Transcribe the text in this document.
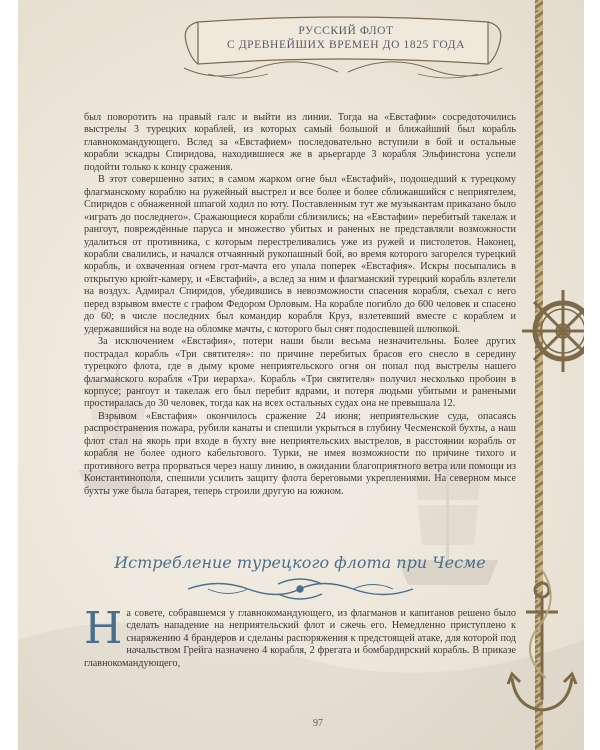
РУССКИЙ ФЛОТ
С ДРЕВНЕЙШИХ ВРЕМЕН ДО 1825 ГОДА

был поворотить на правый галс и выйти из линии. Тогда на «Евстафии» сосредоточились выстрелы 3 турецких кораблей, из которых самый большой и ближайший был корабль главнокомандующего. Вслед за «Евстафием» последовательно вступили в бой и остальные корабли эскадры Спиридова, находившиеся же в арьергарде 3 корабля Эльфинстона успели подойти только к концу сражения.

В этот совершенно затих; в самом жарком огне был «Евстафий», подошедший к турецкому флагманскому кораблю на ружейный выстрел и все более и более сближавшийся с неприятелем, Спиридов с обнаженной шпагой ходил по юту. Поставленным тут же музыкантам приказано было «играть до последнего». Сражающиеся корабли сблизились; на «Евстафии» перебитый такелаж и рангоут, повреждённые паруса и множество убитых и раненых не представляли возможности удалиться от противника, с которым перестреливались уже из ружей и пистолетов. Наконец, корабли свалились, и начался отчаянный рукопашный бой, во время которого загорелся турецкий корабль, и охваченная огнем грот-мачта его упала поперек «Евстафия». Искры посыпались в открытую крюйт-камеру, и «Евстафий», а вслед за ним и флагманский турецкий корабль взлетели на воздух. Адмирал Спиридов, убедившись в невозможности спасения корабля, съехал с него перед взрывом вместе с графом Федором Орловым. На корабле погибло до 600 человек и спасено до 60; в числе последних был командир корабля Круз, взлетевший вместе с кораблем и удержавшийся на воде на обломке мачты, с которого был снят подоспевшей шлюпкой.

За исключением «Евстафия», потери наши были весьма незначительны. Более других пострадал корабль «Три святителя»: по причине перебитых брасов его снесло в середину турецкого флота, где в дыму кроме неприятельского огня он попал под выстрелы нашего флагманского корабля «Три иерарха». Корабль «Три святителя» получил несколько пробоин в корпусе; рангоут и такелаж его был перебит ядрами, и потеря людьми убитыми и ранеными простиралась до 30 человек, тогда как на всех остальных судах она не превышала 12.

Взрывом «Евстафия» окончилось сражение 24 июня; неприятельские суда, опасаясь распространения пожара, рубили канаты и спешили укрыться в глубину Чесменской бухты, а наш флот стал на якорь при входе в бухту вне неприятельских выстрелов, в расстоянии корабль от корабля не более одного кабельтового. Турки, не имея возможности по причине тихого и противного ветра прорваться через нашу линию, в ожидании благоприятного ветра или помощи из Константинополя, спешили усилить защиту флота береговыми укреплениями. На северном мысе бухты уже была батарея, теперь строили другую на южном.

Истребление турецкого флота при Чесме
Н а совете, собравшемся у главнокомандующего, из флагманов и капитанов решено было сделать нападение на неприятельский флот и сжечь его. Немедленно приступлено к снаряжению 4 брандеров и сделаны распоряжения к предстоящей атаке, для которой под начальством Грейга назначено 4 корабля, 2 фрегата и бомбардирский корабль. В приказе главнокомандующего,
97
